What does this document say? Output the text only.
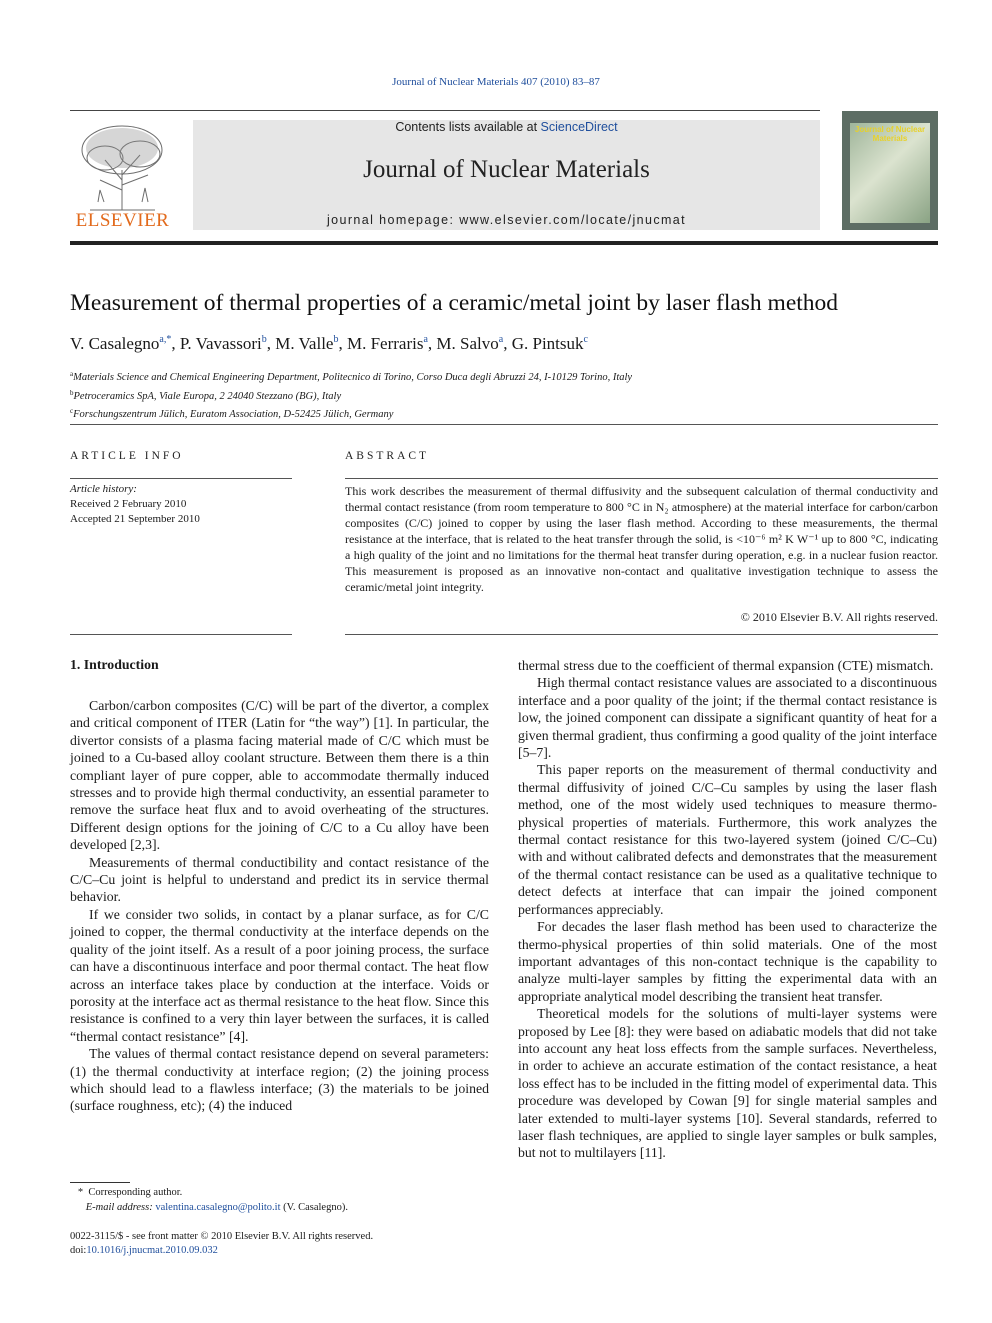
Journal of Nuclear Materials 407 (2010) 83–87
ELSEVIER
Contents lists available at ScienceDirect
Journal of Nuclear Materials
journal homepage: www.elsevier.com/locate/jnucmat
Journal of Nuclear Materials
Measurement of thermal properties of a ceramic/metal joint by laser flash method
V. Casalegno$^{a,*}$, P. Vavassori$^b$, M. Valle$^b$, M. Ferraris$^a$, M. Salvo$^a$, G. Pintsuk$^c$
$^a$Materials Science and Chemical Engineering Department, Politecnico di Torino, Corso Duca degli Abruzzi 24, I-10129 Torino, Italy
$^b$Petroceramics SpA, Viale Europa, 2 24040 Stezzano (BG), Italy
$^c$Forschungszentrum Jülich, Euratom Association, D-52425 Jülich, Germany
ARTICLE INFO	ABSTRACT
Article history:
Received 2 February 2010
Accepted 21 September 2010
This work describes the measurement of thermal diffusivity and the subsequent calculation of thermal conductivity and thermal contact resistance (from room temperature to 800 °C in N₂ atmosphere) at the material interface for carbon/carbon composites (C/C) joined to copper by using the laser flash method. According to these measurements, the thermal resistance at the interface, that is related to the heat transfer through the solid, is <10⁻⁶ m² K W⁻¹ up to 800 °C, indicating a high quality of the joint and no limitations for the thermal heat transfer during operation, e.g. in a nuclear fusion reactor. This measurement is proposed as an innovative non-contact and qualitative investigation technique to assess the ceramic/metal joint integrity.
© 2010 Elsevier B.V. All rights reserved.
1. Introduction

Carbon/carbon composites (C/C) will be part of the divertor, a complex and critical component of ITER (Latin for “the way”) [1]. In particular, the divertor consists of a plasma facing material made of C/C which must be joined to a Cu-based alloy coolant structure. Between them there is a thin compliant layer of pure copper, able to accommodate thermally induced stresses and to provide high thermal conductivity, an essential parameter to remove the surface heat flux and to avoid overheating of the structures. Different design options for the joining of C/C to a Cu alloy have been developed [2,3].

Measurements of thermal conductibility and contact resistance of the C/C–Cu joint is helpful to understand and predict its in service thermal behavior.

If we consider two solids, in contact by a planar surface, as for C/C joined to copper, the thermal conductivity at the interface depends on the quality of the joint itself. As a result of a poor joining process, the surface can have a discontinuous interface and poor thermal contact. The heat flow across an interface takes place by conduction at the interface. Voids or porosity at the interface act as thermal resistance to the heat flow. Since this resistance is confined to a very thin layer between the surfaces, it is called “thermal contact resistance” [4].

The values of thermal contact resistance depend on several parameters: (1) the thermal conductivity at interface region; (2) the joining process which should lead to a flawless interface; (3) the materials to be joined (surface roughness, etc); (4) the induced

thermal stress due to the coefficient of thermal expansion (CTE) mismatch.

High thermal contact resistance values are associated to a discontinuous interface and a poor quality of the joint; if the thermal contact resistance is low, the joined component can dissipate a significant quantity of heat for a given thermal gradient, thus confirming a good quality of the joint interface [5–7].

This paper reports on the measurement of thermal conductivity and thermal diffusivity of joined C/C–Cu samples by using the laser flash method, one of the most widely used techniques to measure thermo-physical properties of materials. Furthermore, this work analyzes the thermal contact resistance for this two-layered system (joined C/C–Cu) with and without calibrated defects and demonstrates that the measurement of the thermal contact resistance can be used as a qualitative technique to detect defects at interface that can impair the joined component performances appreciably.

For decades the laser flash method has been used to characterize the thermo-physical properties of thin solid materials. One of the most important advantages of this non-contact technique is the capability to analyze multi-layer samples by fitting the experimental data with an appropriate analytical model describing the transient heat transfer.

Theoretical models for the solutions of multi-layer systems were proposed by Lee [8]: they were based on adiabatic models that did not take into account any heat loss effects from the sample surfaces. Nevertheless, in order to achieve an accurate estimation of the contact resistance, a heat loss effect has to be included in the fitting model of experimental data. This procedure was developed by Cowan [9] for single material samples and later extended to multi-layer systems [10]. Several standards, referred to laser flash techniques, are applied to single layer samples or bulk samples, but not to multilayers [11].

* Corresponding author.
E-mail address: valentina.casalegno@polito.it (V. Casalegno).
0022-3115/$ - see front matter © 2010 Elsevier B.V. All rights reserved.
doi:10.1016/j.jnucmat.2010.09.032
